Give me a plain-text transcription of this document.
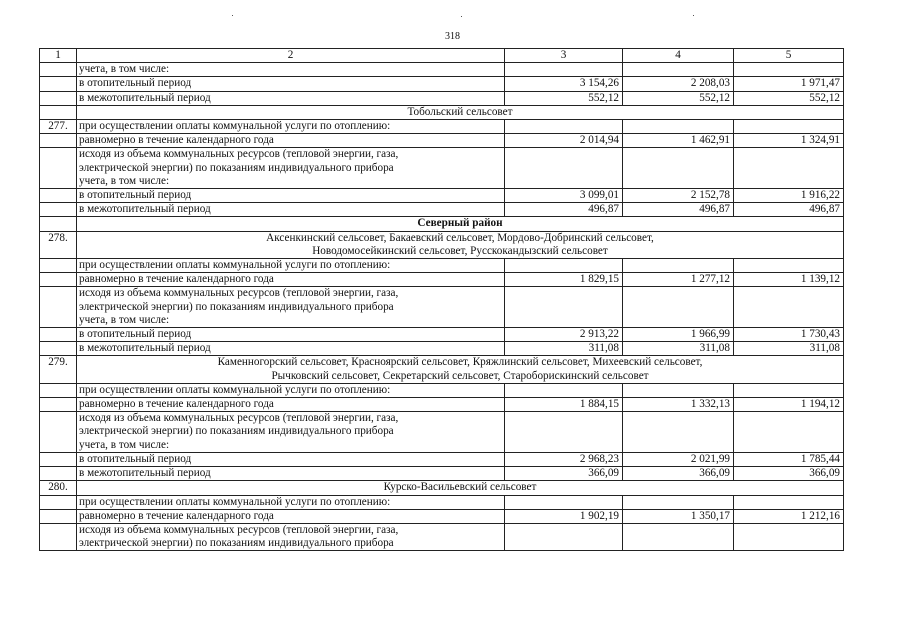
318
1	2	3	4	5

	учета, в том числе:			

	в отопительный период	3 154,26	2 208,03	1 971,47

	в межотопительный период	552,12	552,12	552,12

	Тобольский сельсовет			

277.	при осуществлении оплаты коммунальной услуги по отоплению:			

	равномерно в течение календарного года	2 014,94	1 462,91	1 324,91

	исходя из объема коммунальных ресурсов (тепловой энергии, газа,
электрической энергии) по показаниям индивидуального прибора
учета, в том числе:			

	в отопительный период	3 099,01	2 152,78	1 916,22

	в межотопительный период	496,87	496,87	496,87

	Северный район			

278.	Аксенкинский сельсовет, Бакаевский сельсовет, Мордово-Добринский сельсовет,
Новодомосейкинский сельсовет, Русскокандызский сельсовет			

	при осуществлении оплаты коммунальной услуги по отоплению:			

	равномерно в течение календарного года	1 829,15	1 277,12	1 139,12

	исходя из объема коммунальных ресурсов (тепловой энергии, газа,
электрической энергии) по показаниям индивидуального прибора
учета, в том числе:			

	в отопительный период	2 913,22	1 966,99	1 730,43

	в межотопительный период	311,08	311,08	311,08
279.	Каменногорский сельсовет, Красноярский сельсовет, Кряжлинский сельсовет, Михеевский сельсовет,
Рычковский сельсовет, Секретарский сельсовет, Староборискинский сельсовет			

	при осуществлении оплаты коммунальной услуги по отоплению:			

	равномерно в течение календарного года	1 884,15	1 332,13	1 194,12

	исходя из объема коммунальных ресурсов (тепловой энергии, газа,
электрической энергии) по показаниям индивидуального прибора
учета, в том числе:			

	в отопительный период	2 968,23	2 021,99	1 785,44

	в межотопительный период	366,09	366,09	366,09
280.	Курско-Васильевский сельсовет			

	при осуществлении оплаты коммунальной услуги по отоплению:			

	равномерно в течение календарного года	1 902,19	1 350,17	1 212,16

	исходя из объема коммунальных ресурсов (тепловой энергии, газа,
электрической энергии) по показаниям индивидуального прибора			
